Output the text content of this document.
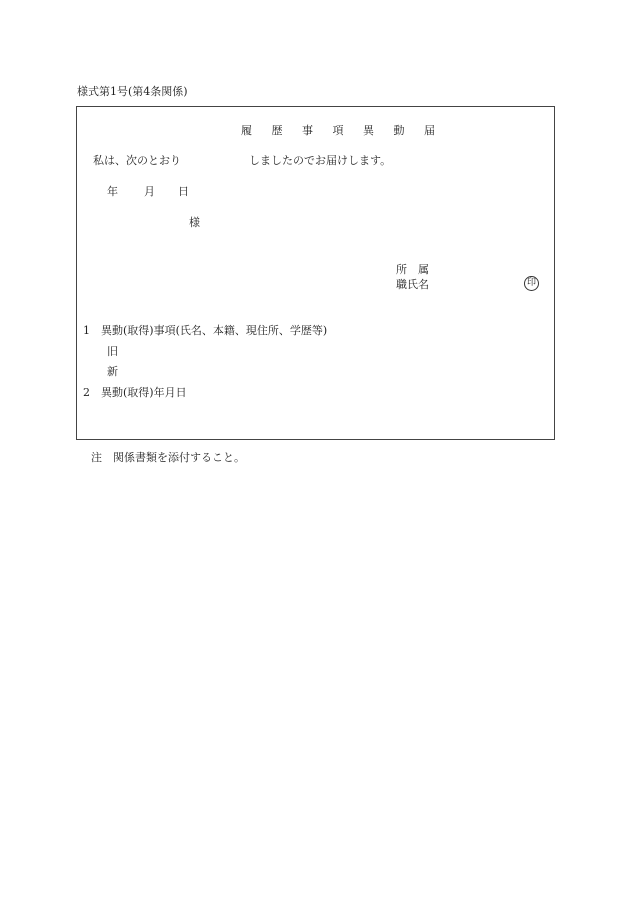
様式第1号(第4条関係)
履 歴 事 項 異 動 届
私は、次のとおり	しましたのでお届けします。
年 月 日
様
所　属
職氏名	印
1　異動(取得)事項(氏名、本籍、現住所、学歴等)
旧
新
2　異動(取得)年月日
注　関係書類を添付すること。
